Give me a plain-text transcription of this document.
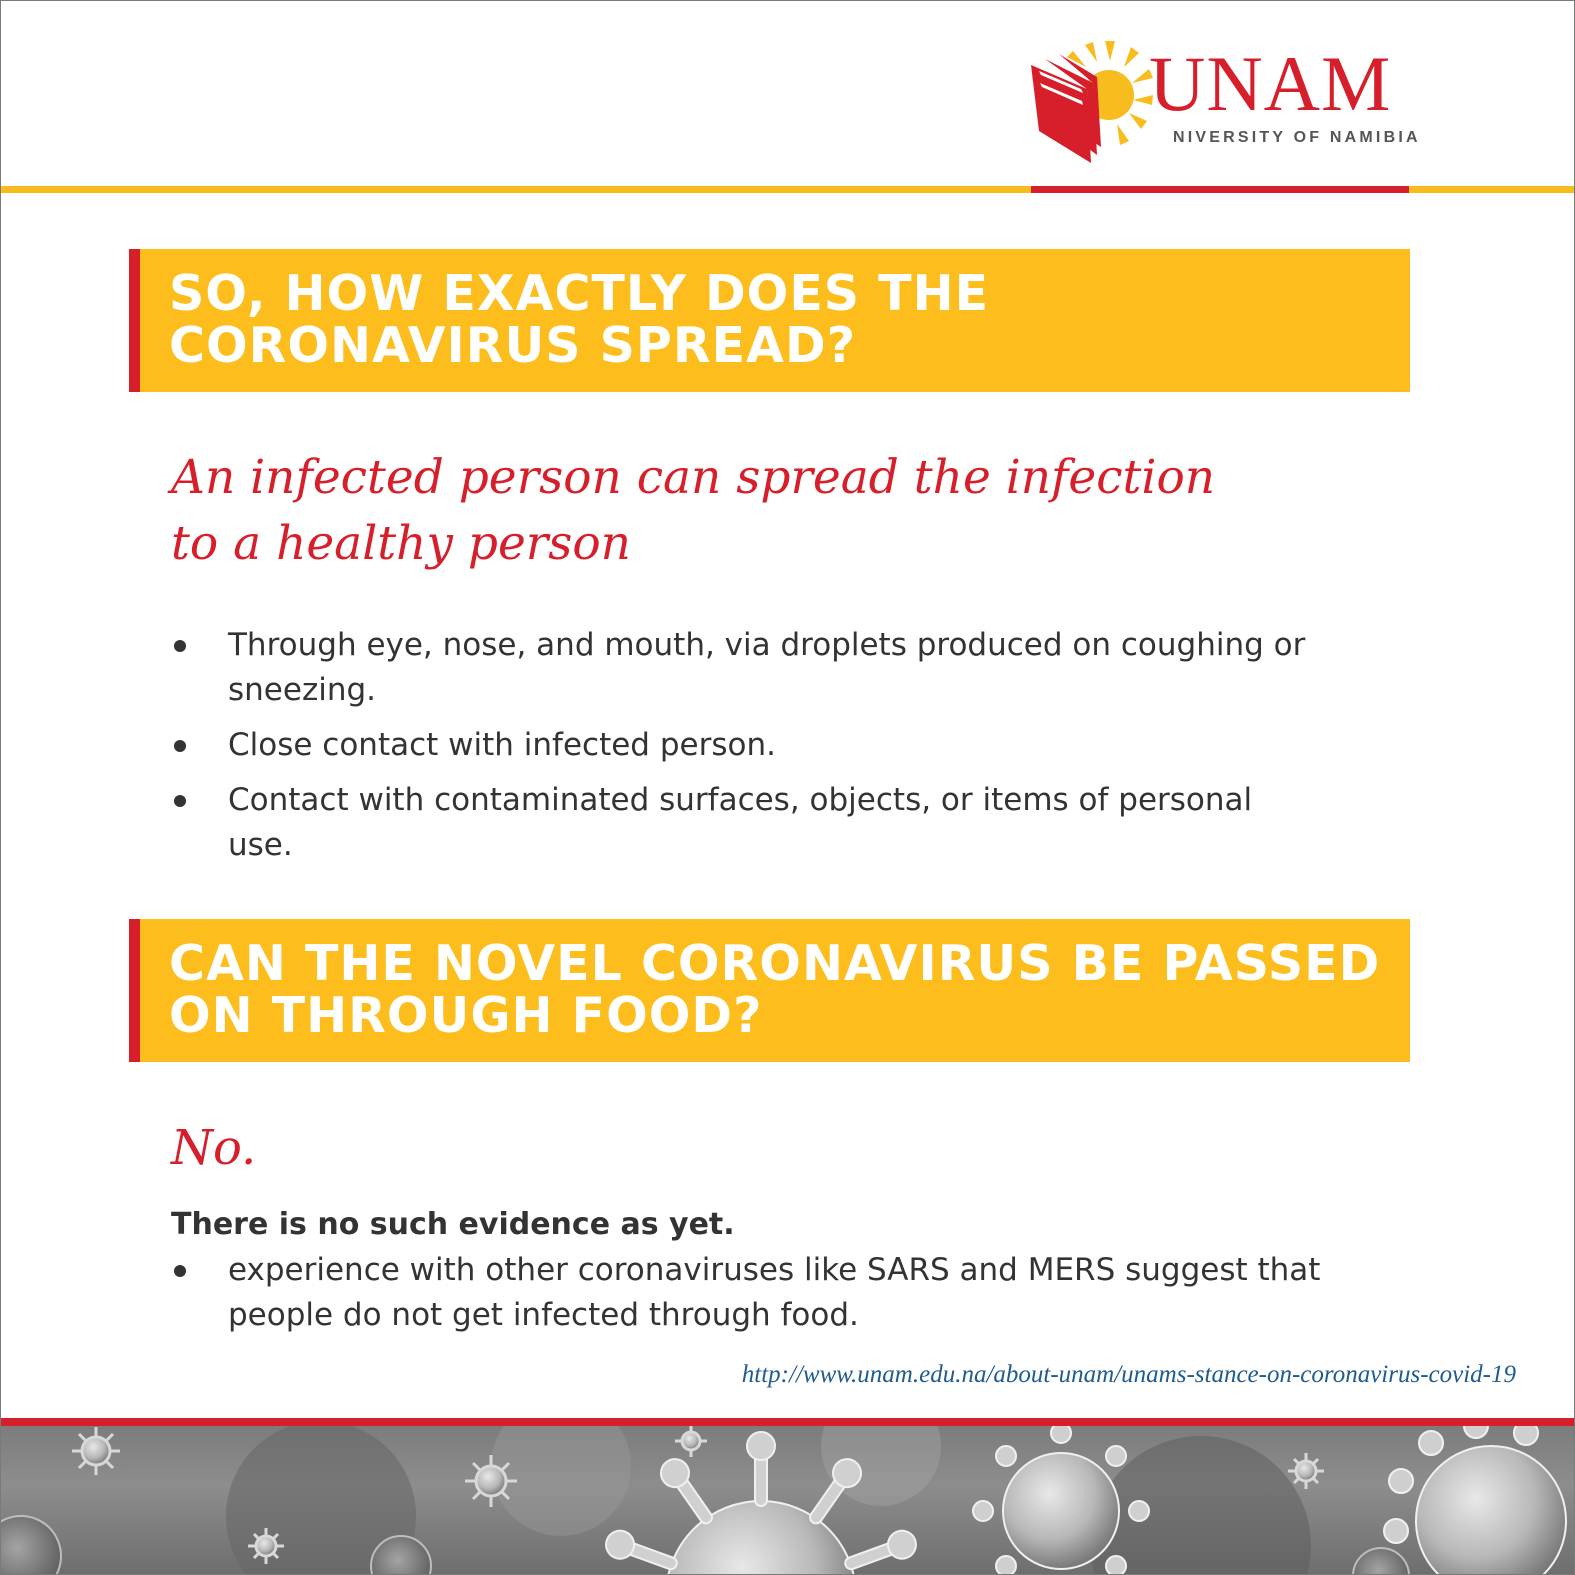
UNAM
NIVERSITY OF NAMIBIA
SO, HOW EXACTLY DOES THE
CORONAVIRUS SPREAD?
An infected person can spread the infection
to a healthy person
Through eye, nose, and mouth, via droplets produced on coughing or
sneezing.
Close contact with infected person.
Contact with contaminated surfaces, objects, or items of personal
use.
CAN THE NOVEL CORONAVIRUS BE PASSED
ON THROUGH FOOD?
No.
There is no such evidence as yet.
experience with other coronaviruses like SARS and MERS suggest that
people do not get infected through food.
http://www.unam.edu.na/about-unam/unams-stance-on-coronavirus-covid-19
